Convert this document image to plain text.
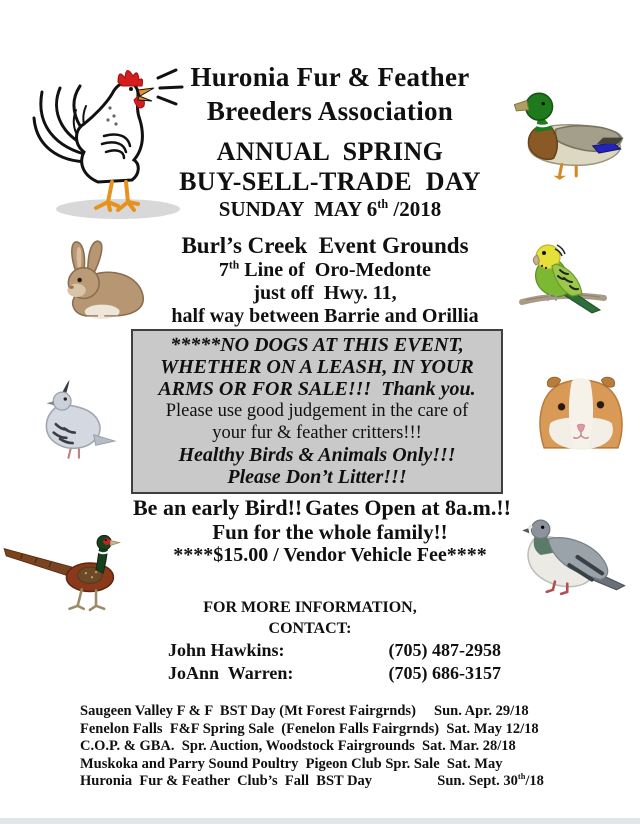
Huronia Fur & Feather
Breeders Association
ANNUAL  SPRING
BUY-SELL-TRADE  DAY
SUNDAY  MAY 6th /2018
Burl’s Creek  Event Grounds
7th Line of  Oro-Medonte
just off  Hwy. 11,
half way between Barrie and Orillia
*****NO DOGS AT THIS EVENT,
WHETHER ON A LEASH, IN YOUR
ARMS OR FOR SALE!!!  Thank you.
Please use good judgement in the care of
your fur & feather critters!!!
Healthy Birds & Animals Only!!!
Please Don’t Litter!!!
Be an early Bird!! Gates Open at 8a.m.!!
Fun for the whole family!!
****$15.00 / Vendor Vehicle Fee****
FOR MORE INFORMATION,
CONTACT:
John Hawkins:	(705) 487-2958
JoAnn  Warren:	(705) 686-3157
Saugeen Valley F & F  BST Day (Mt Forest Fairgrnds)     Sun. Apr. 29/18
Fenelon Falls  F&F Spring Sale  (Fenelon Falls Fairgrnds)  Sat. May 12/18
C.O.P. & GBA.  Spr. Auction, Woodstock Fairgrounds  Sat. Mar. 28/18
Muskoka and Parry Sound Poultry  Pigeon Club Spr. Sale  Sat. May
Huronia  Fur & Feather  Club’s  Fall  BST Day                  Sun. Sept. 30th/18
